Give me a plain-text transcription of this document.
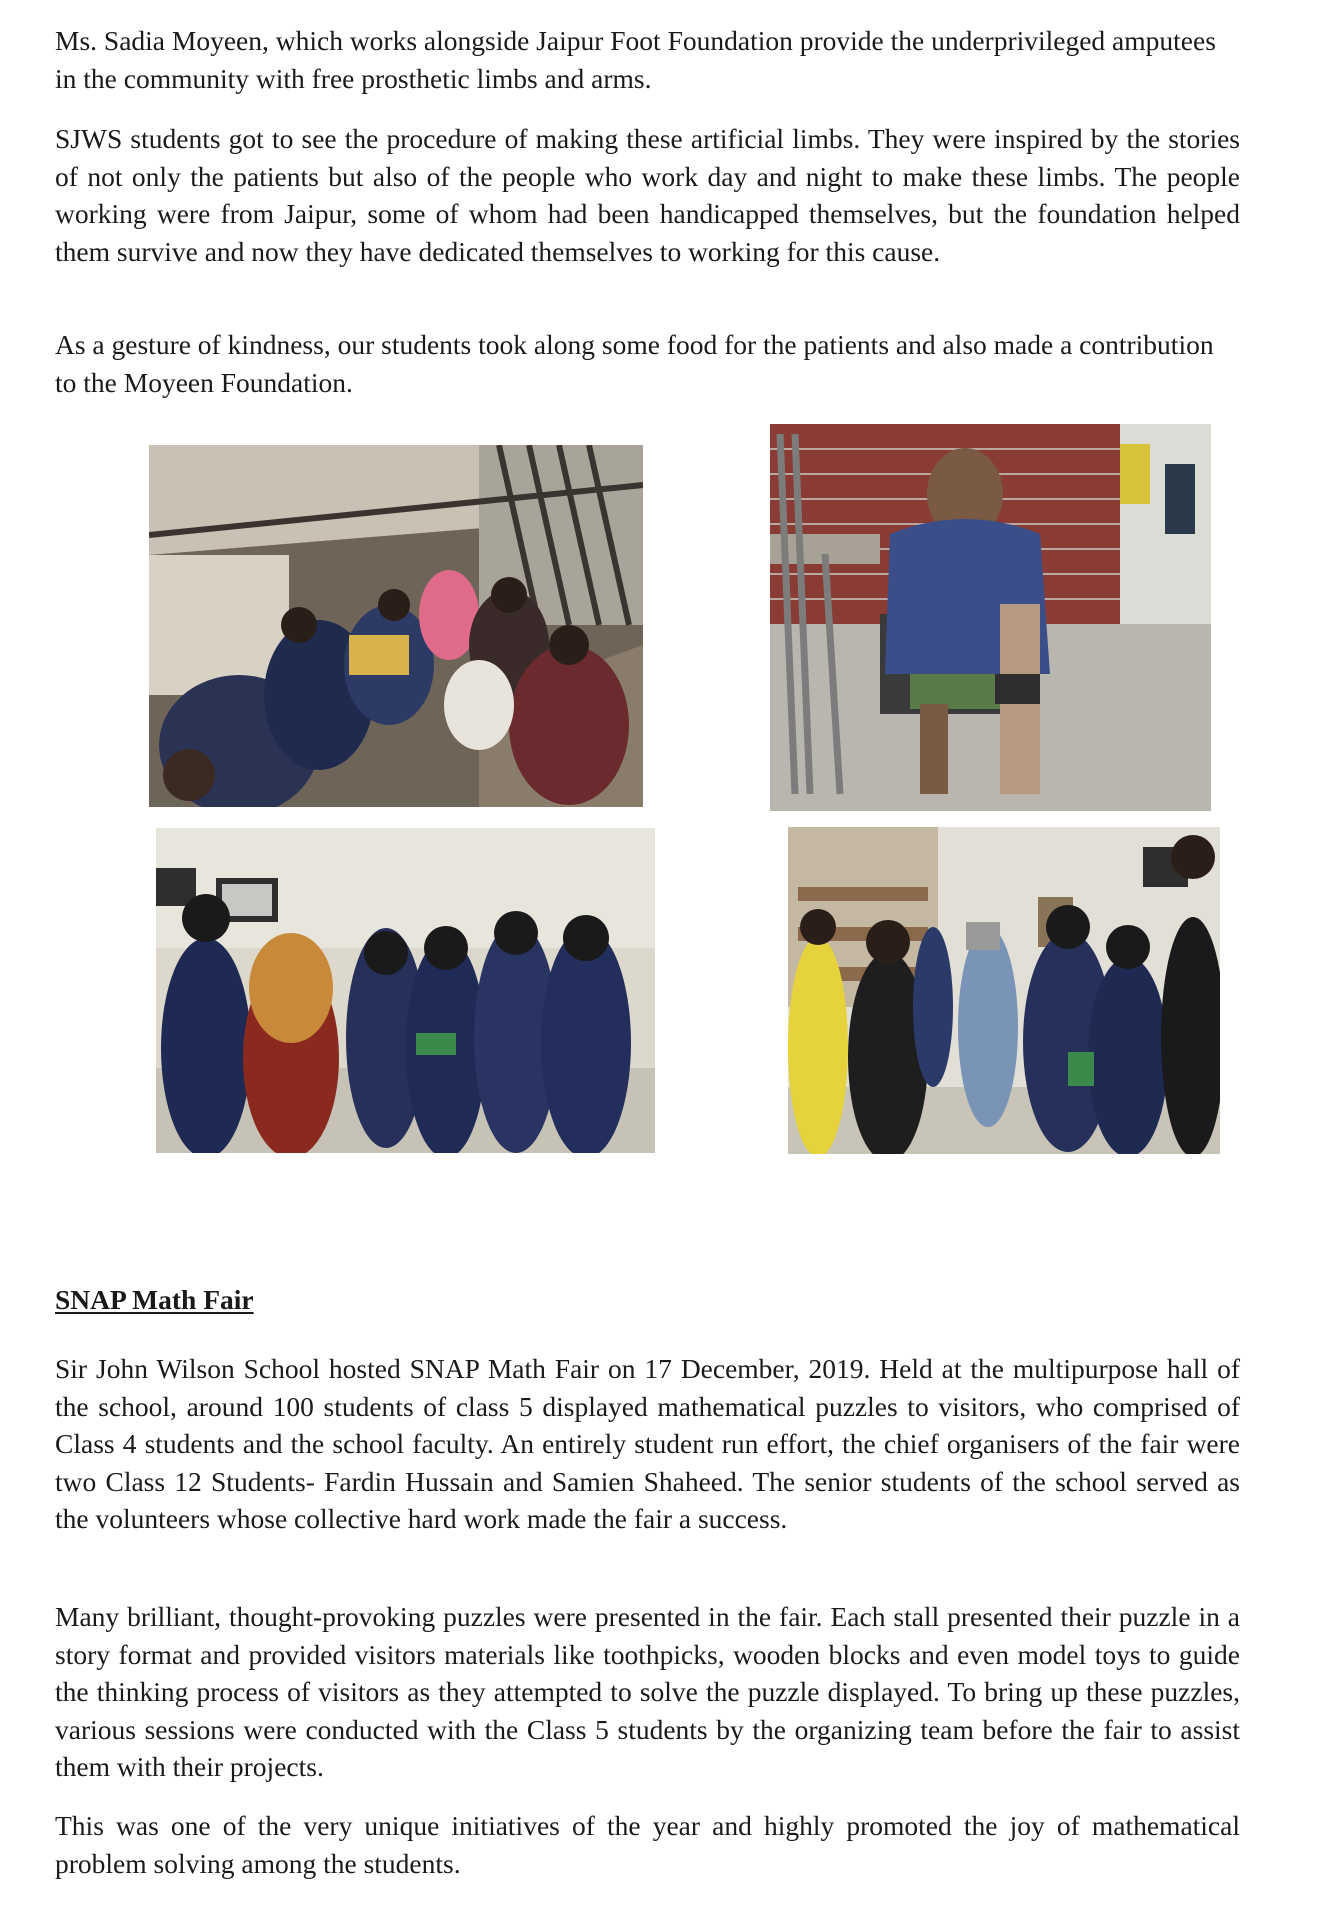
Ms. Sadia Moyeen, which works alongside Jaipur Foot Foundation provide the underprivileged amputees in the community with free prosthetic limbs and arms.

SJWS students got to see the procedure of making these artificial limbs. They were inspired by the stories of not only the patients but also of the people who work day and night to make these limbs. The people working were from Jaipur, some of whom had been handicapped themselves, but the foundation helped them survive and now they have dedicated themselves to working for this cause.

As a gesture of kindness, our students took along some food for the patients and also made a contribution to the Moyeen Foundation.

SNAP Math Fair

Sir John Wilson School hosted SNAP Math Fair on 17 December, 2019. Held at the multipurpose hall of the school, around 100 students of class 5 displayed mathematical puzzles to visitors, who comprised of Class 4 students and the school faculty. An entirely student run effort, the chief organisers of the fair were two Class 12 Students- Fardin Hussain and Samien Shaheed. The senior students of the school served as the volunteers whose collective hard work made the fair a success.

Many brilliant, thought-provoking puzzles were presented in the fair. Each stall presented their puzzle in a story format and provided visitors materials like toothpicks, wooden blocks and even model toys to guide the thinking process of visitors as they attempted to solve the puzzle displayed. To bring up these puzzles, various sessions were conducted with the Class 5 students by the organizing team before the fair to assist them with their projects.

This was one of the very unique initiatives of the year and highly promoted the joy of mathematical problem solving among the students.
